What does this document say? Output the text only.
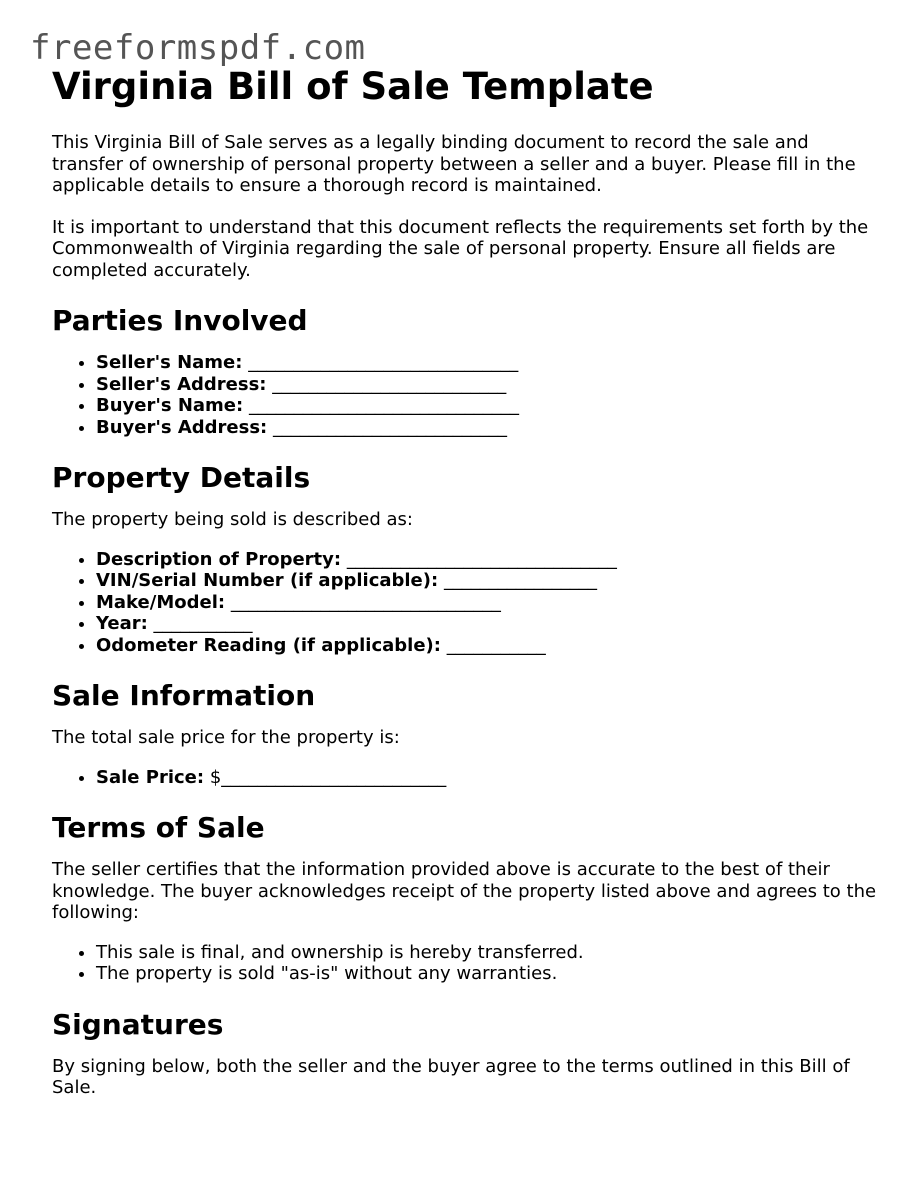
freeformspdf.com
Virginia Bill of Sale Template

This Virginia Bill of Sale serves as a legally binding document to record the sale and transfer of ownership of personal property between a seller and a buyer. Please fill in the applicable details to ensure a thorough record is maintained.

It is important to understand that this document reflects the requirements set forth by the Commonwealth of Virginia regarding the sale of personal property. Ensure all fields are completed accurately.

Parties Involved
• Seller's Name: ______________________________
• Seller's Address: __________________________
• Buyer's Name: ______________________________
• Buyer's Address: __________________________
Property Details

The property being sold is described as:

• Description of Property: ______________________________
• VIN/Serial Number (if applicable): _________________
• Make/Model: ______________________________
• Year: ___________
• Odometer Reading (if applicable): ___________
Sale Information

The total sale price for the property is:

• Sale Price: $_________________________
Terms of Sale

The seller certifies that the information provided above is accurate to the best of their knowledge. The buyer acknowledges receipt of the property listed above and agrees to the following:

• This sale is final, and ownership is hereby transferred.
• The property is sold "as-is" without any warranties.
Signatures

By signing below, both the seller and the buyer agree to the terms outlined in this Bill of Sale.
